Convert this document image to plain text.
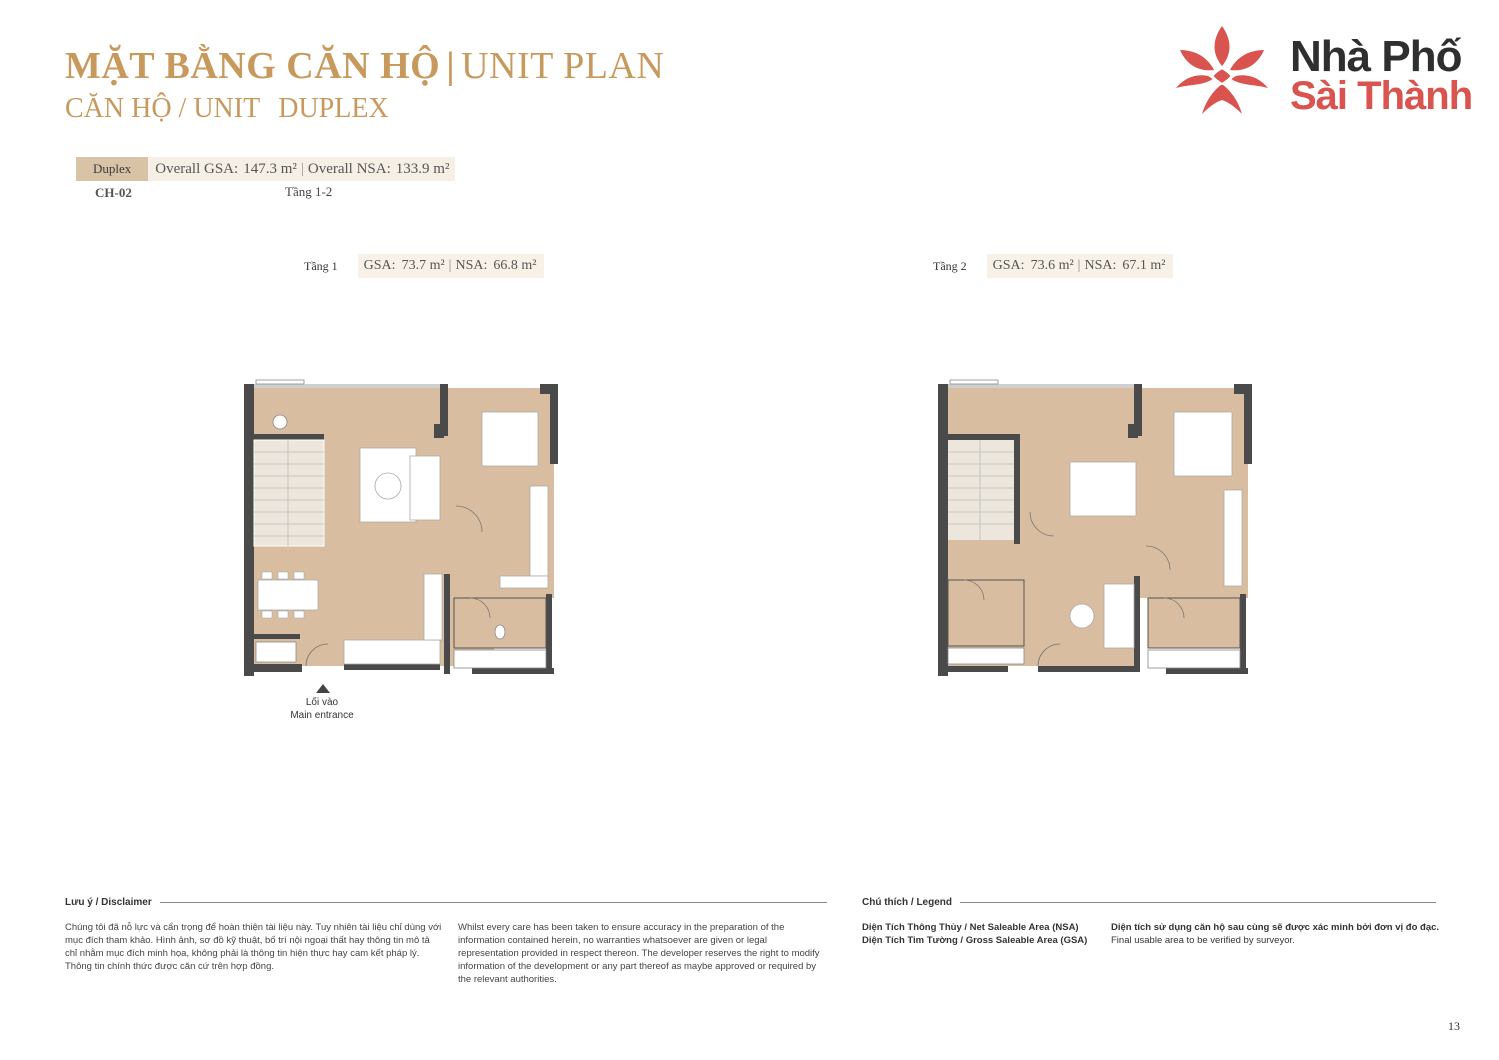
MẶT BẰNG CĂN HỘ | UNIT PLAN
CĂN HỘ / UNIT DUPLEX
Nhà Phố
Sài Thành
Duplex	Overall GSA: 147.3 m² | Overall NSA: 133.9 m²
CH-02	Tầng 1-2
Tầng 1	GSA: 73.7 m² | NSA: 66.8 m²	Tầng 2	GSA: 73.6 m² | NSA: 67.1 m²
Lối vào
Main entrance
Lưu ý / Disclaimer
Chúng tôi đã nỗ lực và cẩn trọng để hoàn thiện tài liệu này. Tuy nhiên tài liệu chỉ dùng với mục đích tham khảo. Hình ảnh, sơ đồ kỹ thuật, bố trí nội ngoại thất hay thông tin mô tả chỉ nhằm mục đích minh họa, không phải là thông tin hiện thực hay cam kết pháp lý. Thông tin chính thức được căn cứ trên hợp đồng.
Whilst every care has been taken to ensure accuracy in the preparation of the information contained herein, no warranties whatsoever are given or legal representation provided in respect thereon. The developer reserves the right to modify information of the development or any part thereof as maybe approved or required by the relevant authorities.
Chú thích / Legend
Diện Tích Thông Thủy / Net Saleable Area (NSA)
Diện Tích Tim Tường / Gross Saleable Area (GSA)
Diện tích sử dụng căn hộ sau cùng sẽ được xác minh bởi đơn vị đo đạc.
Final usable area to be verified by surveyor.
13
